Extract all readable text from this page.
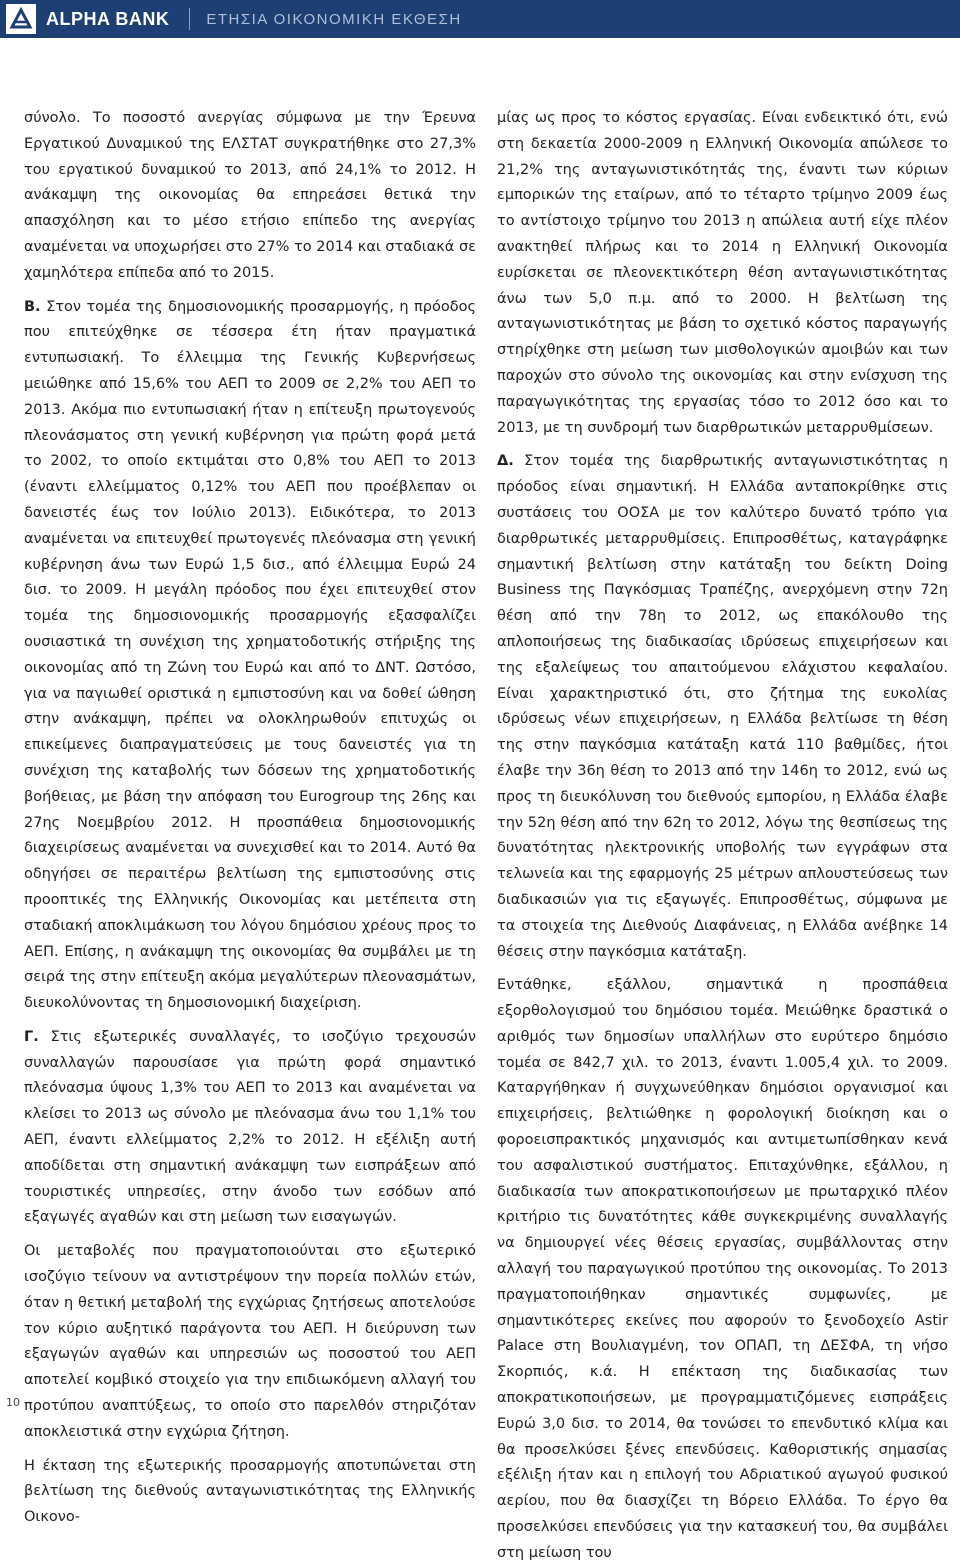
ALPHA BANK ΕΤΗΣΙΑ ΟΙΚΟΝΟΜΙΚΗ ΕΚΘΕΣΗ

σύνολο. Το ποσοστό ανεργίας σύμφωνα με την Έρευνα Εργατικού Δυναμικού της ΕΛΣΤΑΤ συγκρατήθηκε στο 27,3% του εργατικού δυναμικού το 2013, από 24,1% το 2012. Η ανάκαμψη της οικονομίας θα επηρεάσει θετικά την απασχόληση και το μέσο ετήσιο επίπεδο της ανεργίας αναμένεται να υποχωρήσει στο 27% το 2014 και σταδιακά σε χαμηλότερα επίπεδα από το 2015.

Β. Στον τομέα της δημοσιονομικής προσαρμογής, η πρόοδος που επιτεύχθηκε σε τέσσερα έτη ήταν πραγματικά εντυπωσιακή. Το έλλειμμα της Γενικής Κυβερνήσεως μειώθηκε από 15,6% του ΑΕΠ το 2009 σε 2,2% του ΑΕΠ το 2013. Ακόμα πιο εντυπωσιακή ήταν η επίτευξη πρωτογενούς πλεονάσματος στη γενική κυβέρνηση για πρώτη φορά μετά το 2002, το οποίο εκτιμάται στο 0,8% του ΑΕΠ το 2013 (έναντι ελλείμματος 0,12% του ΑΕΠ που προέβλεπαν οι δανειστές έως τον Ιούλιο 2013). Ειδικότερα, το 2013 αναμένεται να επιτευχθεί πρωτογενές πλεόνασμα στη γενική κυβέρνηση άνω των Ευρώ 1,5 δισ., από έλλειμμα Ευρώ 24 δισ. το 2009. Η μεγάλη πρόοδος που έχει επιτευχθεί στον τομέα της δημοσιονομικής προσαρμογής εξασφαλίζει ουσιαστικά τη συνέχιση της χρηματοδοτικής στήριξης της οικονομίας από τη Ζώνη του Ευρώ και από το ΔΝΤ. Ωστόσο, για να παγιωθεί οριστικά η εμπιστοσύνη και να δοθεί ώθηση στην ανάκαμψη, πρέπει να ολοκληρωθούν επιτυχώς οι επικείμενες διαπραγματεύσεις με τους δανειστές για τη συνέχιση της καταβολής των δόσεων της χρηματοδοτικής βοήθειας, με βάση την απόφαση του Eurogroup της 26ης και 27ης Νοεμβρίου 2012. Η προσπάθεια δημοσιονομικής διαχειρίσεως αναμένεται να συνεχισθεί και το 2014. Αυτό θα οδηγήσει σε περαιτέρω βελτίωση της εμπιστοσύνης στις προοπτικές της Ελληνικής Οικονομίας και μετέπειτα στη σταδιακή αποκλιμάκωση του λόγου δημόσιου χρέους προς το ΑΕΠ. Επίσης, η ανάκαμψη της οικονομίας θα συμβάλει με τη σειρά της στην επίτευξη ακόμα μεγαλύτερων πλεονασμάτων, διευκολύνοντας τη δημοσιονομική διαχείριση.

Γ. Στις εξωτερικές συναλλαγές, το ισοζύγιο τρεχουσών συναλλαγών παρουσίασε για πρώτη φορά σημαντικό πλεόνασμα ύψους 1,3% του ΑΕΠ το 2013 και αναμένεται να κλείσει το 2013 ως σύνολο με πλεόνασμα άνω του 1,1% του ΑΕΠ, έναντι ελλείμματος 2,2% το 2012. Η εξέλιξη αυτή αποδίδεται στη σημαντική ανάκαμψη των εισπράξεων από τουριστικές υπηρεσίες, στην άνοδο των εσόδων από εξαγωγές αγαθών και στη μείωση των εισαγωγών.

Οι μεταβολές που πραγματοποιούνται στο εξωτερικό ισοζύγιο τείνουν να αντιστρέψουν την πορεία πολλών ετών, όταν η θετική μεταβολή της εγχώριας ζητήσεως αποτελούσε τον κύριο αυξητικό παράγοντα του ΑΕΠ. Η διεύρυνση των εξαγωγών αγαθών και υπηρεσιών ως ποσοστού του ΑΕΠ αποτελεί κομβικό στοιχείο για την επιδιωκόμενη αλλαγή του προτύπου αναπτύξεως, το οποίο στο παρελθόν στηριζόταν αποκλειστικά στην εγχώρια ζήτηση.

Η έκταση της εξωτερικής προσαρμογής αποτυπώνεται στη βελτίωση της διεθνούς ανταγωνιστικότητας της Ελληνικής Οικονο-

μίας ως προς το κόστος εργασίας. Είναι ενδεικτικό ότι, ενώ στη δεκαετία 2000-2009 η Ελληνική Οικονομία απώλεσε το 21,2% της ανταγωνιστικότητάς της, έναντι των κύριων εμπορικών της εταίρων, από το τέταρτο τρίμηνο 2009 έως το αντίστοιχο τρίμηνο του 2013 η απώλεια αυτή είχε πλέον ανακτηθεί πλήρως και το 2014 η Ελληνική Οικονομία ευρίσκεται σε πλεονεκτικότερη θέση ανταγωνιστικότητας άνω των 5,0 π.μ. από το 2000. Η βελτίωση της ανταγωνιστικότητας με βάση το σχετικό κόστος παραγωγής στηρίχθηκε στη μείωση των μισθολογικών αμοιβών και των παροχών στο σύνολο της οικονομίας και στην ενίσχυση της παραγωγικότητας της εργασίας τόσο το 2012 όσο και το 2013, με τη συνδρομή των διαρθρωτικών μεταρρυθμίσεων.

Δ. Στον τομέα της διαρθρωτικής ανταγωνιστικότητας η πρόοδος είναι σημαντική. Η Ελλάδα ανταποκρίθηκε στις συστάσεις του ΟΟΣΑ με τον καλύτερο δυνατό τρόπο για διαρθρωτικές μεταρρυθμίσεις. Επιπροσθέτως, καταγράφηκε σημαντική βελτίωση στην κατάταξη του δείκτη Doing Business της Παγκόσμιας Τραπέζης, ανερχόμενη στην 72η θέση από την 78η το 2012, ως επακόλουθο της απλοποιήσεως της διαδικασίας ιδρύσεως επιχειρήσεων και της εξαλείψεως του απαιτούμενου ελάχιστου κεφαλαίου. Είναι χαρακτηριστικό ότι, στο ζήτημα της ευκολίας ιδρύσεως νέων επιχειρήσεων, η Ελλάδα βελτίωσε τη θέση της στην παγκόσμια κατάταξη κατά 110 βαθμίδες, ήτοι έλαβε την 36η θέση το 2013 από την 146η το 2012, ενώ ως προς τη διευκόλυνση του διεθνούς εμπορίου, η Ελλάδα έλαβε την 52η θέση από την 62η το 2012, λόγω της θεσπίσεως της δυνατότητας ηλεκτρονικής υποβολής των εγγράφων στα τελωνεία και της εφαρμογής 25 μέτρων απλουστεύσεως των διαδικασιών για τις εξαγωγές. Επιπροσθέτως, σύμφωνα με τα στοιχεία της Διεθνούς Διαφάνειας, η Ελλάδα ανέβηκε 14 θέσεις στην παγκόσμια κατάταξη.

Εντάθηκε, εξάλλου, σημαντικά η προσπάθεια εξορθολογισμού του δημόσιου τομέα. Μειώθηκε δραστικά ο αριθμός των δημοσίων υπαλλήλων στο ευρύτερο δημόσιο τομέα σε 842,7 χιλ. το 2013, έναντι 1.005,4 χιλ. το 2009. Καταργήθηκαν ή συγχωνεύθηκαν δημόσιοι οργανισμοί και επιχειρήσεις, βελτιώθηκε η φορολογική διοίκηση και ο φοροεισπρακτικός μηχανισμός και αντιμετωπίσθηκαν κενά του ασφαλιστικού συστήματος. Επιταχύνθηκε, εξάλλου, η διαδικασία των αποκρατικοποιήσεων με πρωταρχικό πλέον κριτήριο τις δυνατότητες κάθε συγκεκριμένης συναλλαγής να δημιουργεί νέες θέσεις εργασίας, συμβάλλοντας στην αλλαγή του παραγωγικού προτύπου της οικονομίας. Το 2013 πραγματοποιήθηκαν σημαντικές συμφωνίες, με σημαντικότερες εκείνες που αφορούν το ξενοδοχείο Astir Palace στη Βουλιαγμένη, τον ΟΠΑΠ, τη ΔΕΣΦΑ, τη νήσο Σκορπιός, κ.ά. Η επέκταση της διαδικασίας των αποκρατικοποιήσεων, με προγραμματιζόμενες εισπράξεις Ευρώ 3,0 δισ. το 2014, θα τονώσει το επενδυτικό κλίμα και θα προσελκύσει ξένες επενδύσεις. Καθοριστικής σημασίας εξέλιξη ήταν και η επιλογή του Αδριατικού αγωγού φυσικού αερίου, που θα διασχίζει τη Βόρειο Ελλάδα. Το έργο θα προσελκύσει επενδύσεις για την κατασκευή του, θα συμβάλει στη μείωση του

10
